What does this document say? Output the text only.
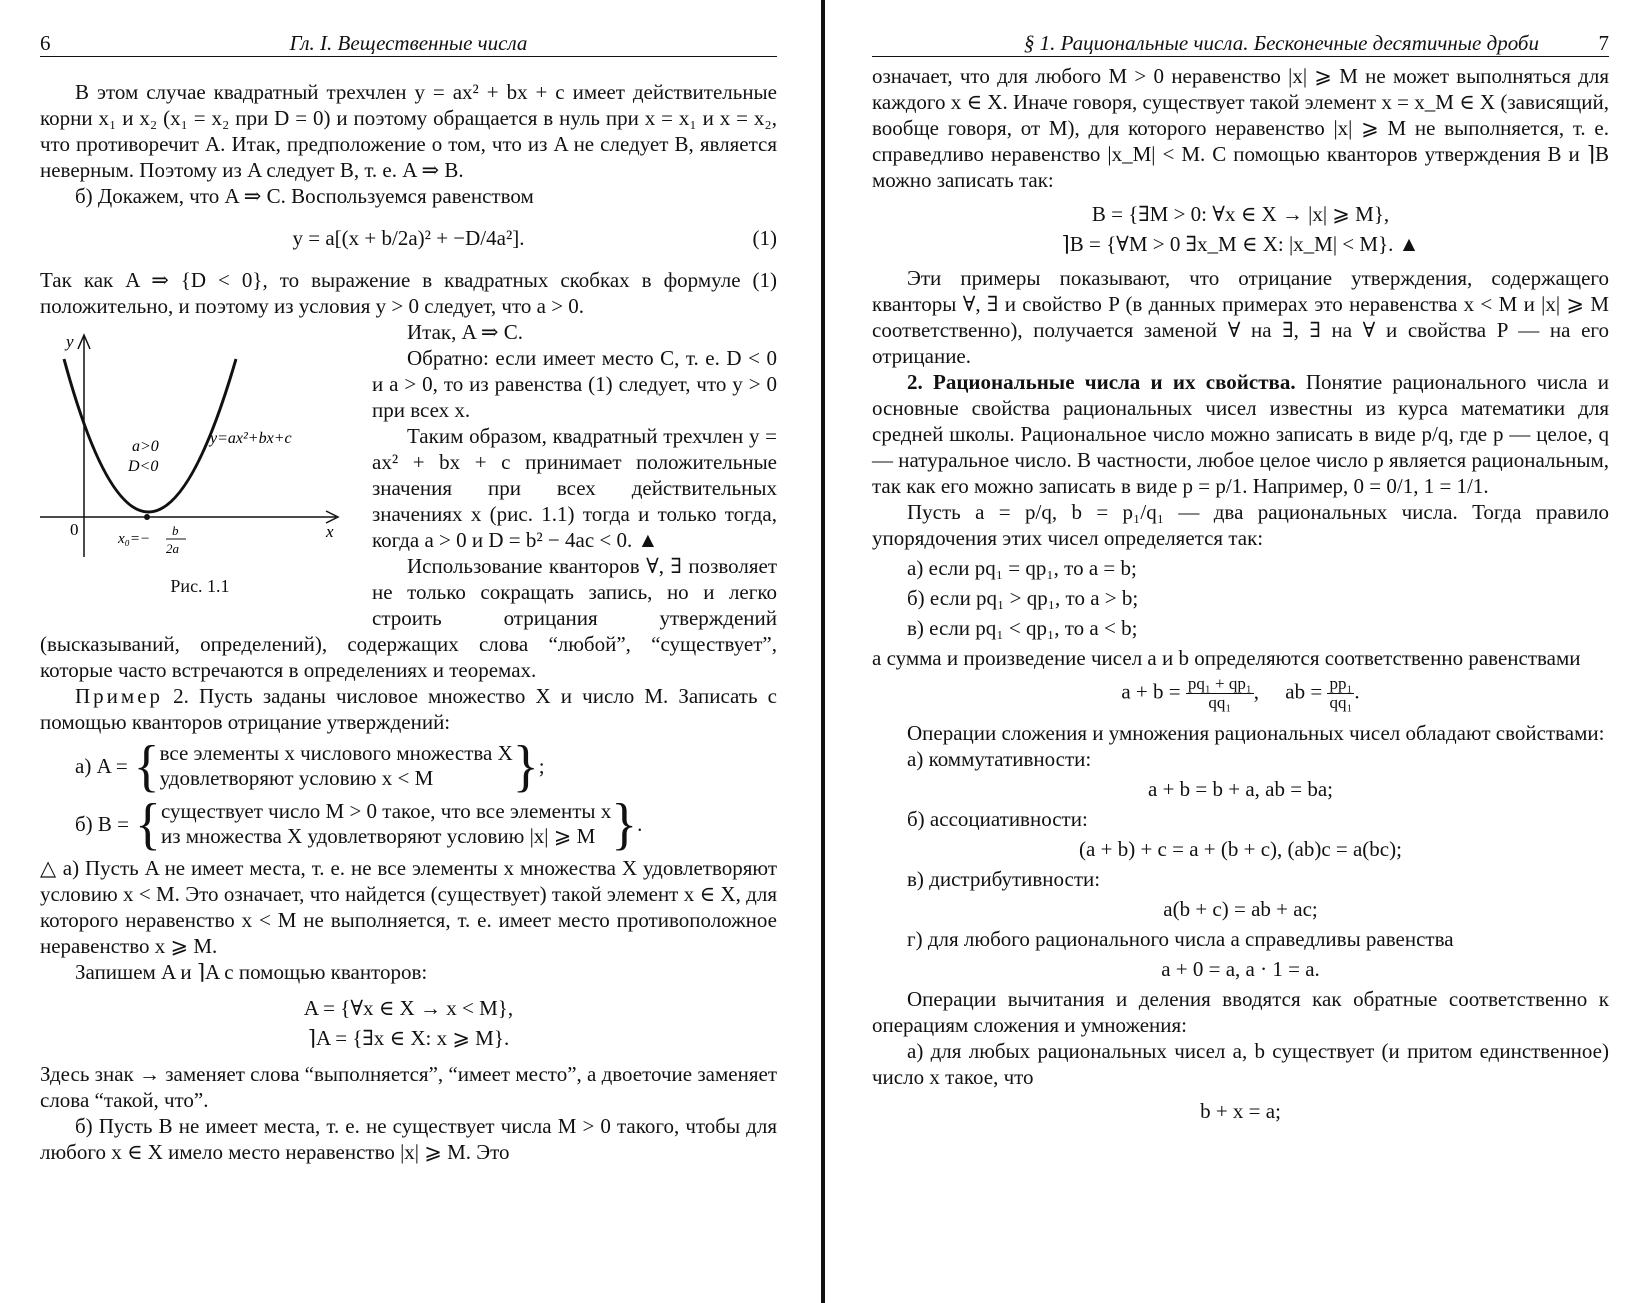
6	Гл. I. Вещественные числа

В этом случае квадратный трехчлен y = ax² + bx + c имеет действительные корни x₁ и x₂ (x₁ = x₂ при D = 0) и поэтому обращается в нуль при x = x₁ и x = x₂, что противоречит A. Итак, предположение о том, что из A не следует B, является неверным. Поэтому из A следует B, т. е. A ⇒ B.

б) Докажем, что A ⇒ C. Воспользуемся равенством

y = a[(x + b/2a)² + −D/4a²].	(1)

Так как A ⇒ {D < 0}, то выражение в квадратных скобках в формуле (1) положительно, и поэтому из условия y > 0 следует, что a > 0.

y
x
0
a>0
D<0
y=ax²+bx+c
x₀=−
b
2a
Рис. 1.1

Итак, A ⇒ C.

Обратно: если имеет место C, т. е. D < 0 и a > 0, то из равенства (1) следует, что y > 0 при всех x.

Таким образом, квадратный трехчлен y = ax² + bx + c принимает положительные значения при всех действительных значениях x (рис. 1.1) тогда и только тогда, когда a > 0 и D = b² − 4ac < 0. ▲

Использование кванторов ∀, ∃ позволяет не только сокращать запись, но и легко строить отрицания утверждений (высказываний, определений), содержащих слова “любой”, “существует”, которые часто встречаются в определениях и теоремах.

Пример 2. Пусть заданы числовое множество X и число M. Записать с помощью кванторов отрицание утверждений:

а) A = { все элементы x числового множества X
удовлетворяют условию x < M	} ;
б) B = { существует число M > 0 такое, что все элементы x
из множества X удовлетворяют условию |x| ⩾ M } .

△ а) Пусть A не имеет места, т. е. не все элементы x множества X удовлетворяют условию x < M. Это означает, что найдется (существует) такой элемент x ∈ X, для которого неравенство x < M не выполняется, т. е. имеет место противоположное неравенство x ⩾ M.

Запишем A и ⌉A с помощью кванторов:

A = {∀x ∈ X → x < M},
⌉A = {∃x ∈ X: x ⩾ M}.

Здесь знак → заменяет слова “выполняется”, “имеет место”, а двоеточие заменяет слова “такой, что”.

б) Пусть B не имеет места, т. е. не существует числа M > 0 такого, чтобы для любого x ∈ X имело место неравенство |x| ⩾ M. Это

§ 1. Рациональные числа. Бесконечные десятичные дроби	7

означает, что для любого M > 0 неравенство |x| ⩾ M не может выполняться для каждого x ∈ X. Иначе говоря, существует такой элемент x = x_M ∈ X (зависящий, вообще говоря, от M), для которого неравенство |x| ⩾ M не выполняется, т. е. справедливо неравенство |x_M| < M. С помощью кванторов утверждения B и ⌉B можно записать так:

B = {∃M > 0: ∀x ∈ X → |x| ⩾ M},
⌉B = {∀M > 0 ∃x_M ∈ X: |x_M| < M}. ▲

Эти примеры показывают, что отрицание утверждения, содержащего кванторы ∀, ∃ и свойство P (в данных примерах это неравенства x < M и |x| ⩾ M соответственно), получается заменой ∀ на ∃, ∃ на ∀ и свойства P — на его отрицание.

2. Рациональные числа и их свойства. Понятие рационального числа и основные свойства рациональных чисел известны из курса математики для средней школы. Рациональное число можно записать в виде p/q, где p — целое, q — натуральное число. В частности, любое целое число p является рациональным, так как его можно записать в виде p = p/1. Например, 0 = 0/1, 1 = 1/1.

Пусть a = p/q, b = p₁/q₁ — два рациональных числа. Тогда правило упорядочения этих чисел определяется так:

а) если pq₁ = qp₁, то a = b;

б) если pq₁ > qp₁, то a > b;

в) если pq₁ < qp₁, то a < b;

а сумма и произведение чисел a и b определяются соответственно равенствами

$a + b = \frac{\text{pq₁ + qp₁}}{\text{qq₁}}$ ,     ab = $\frac{\text{pp₁}}{\text{qq₁}}$ .

Операции сложения и умножения рациональных чисел обладают свойствами:

а) коммутативности:

a + b = b + a, ab = ba;

б) ассоциативности:

(a + b) + c = a + (b + c), (ab)c = a(bc);

в) дистрибутивности:

a(b + c) = ab + ac;

г) для любого рационального числа a справедливы равенства

a + 0 = a, a · 1 = a.

Операции вычитания и деления вводятся как обратные соответственно к операциям сложения и умножения:

а) для любых рациональных чисел a, b существует (и притом единственное) число x такое, что

b + x = a;
